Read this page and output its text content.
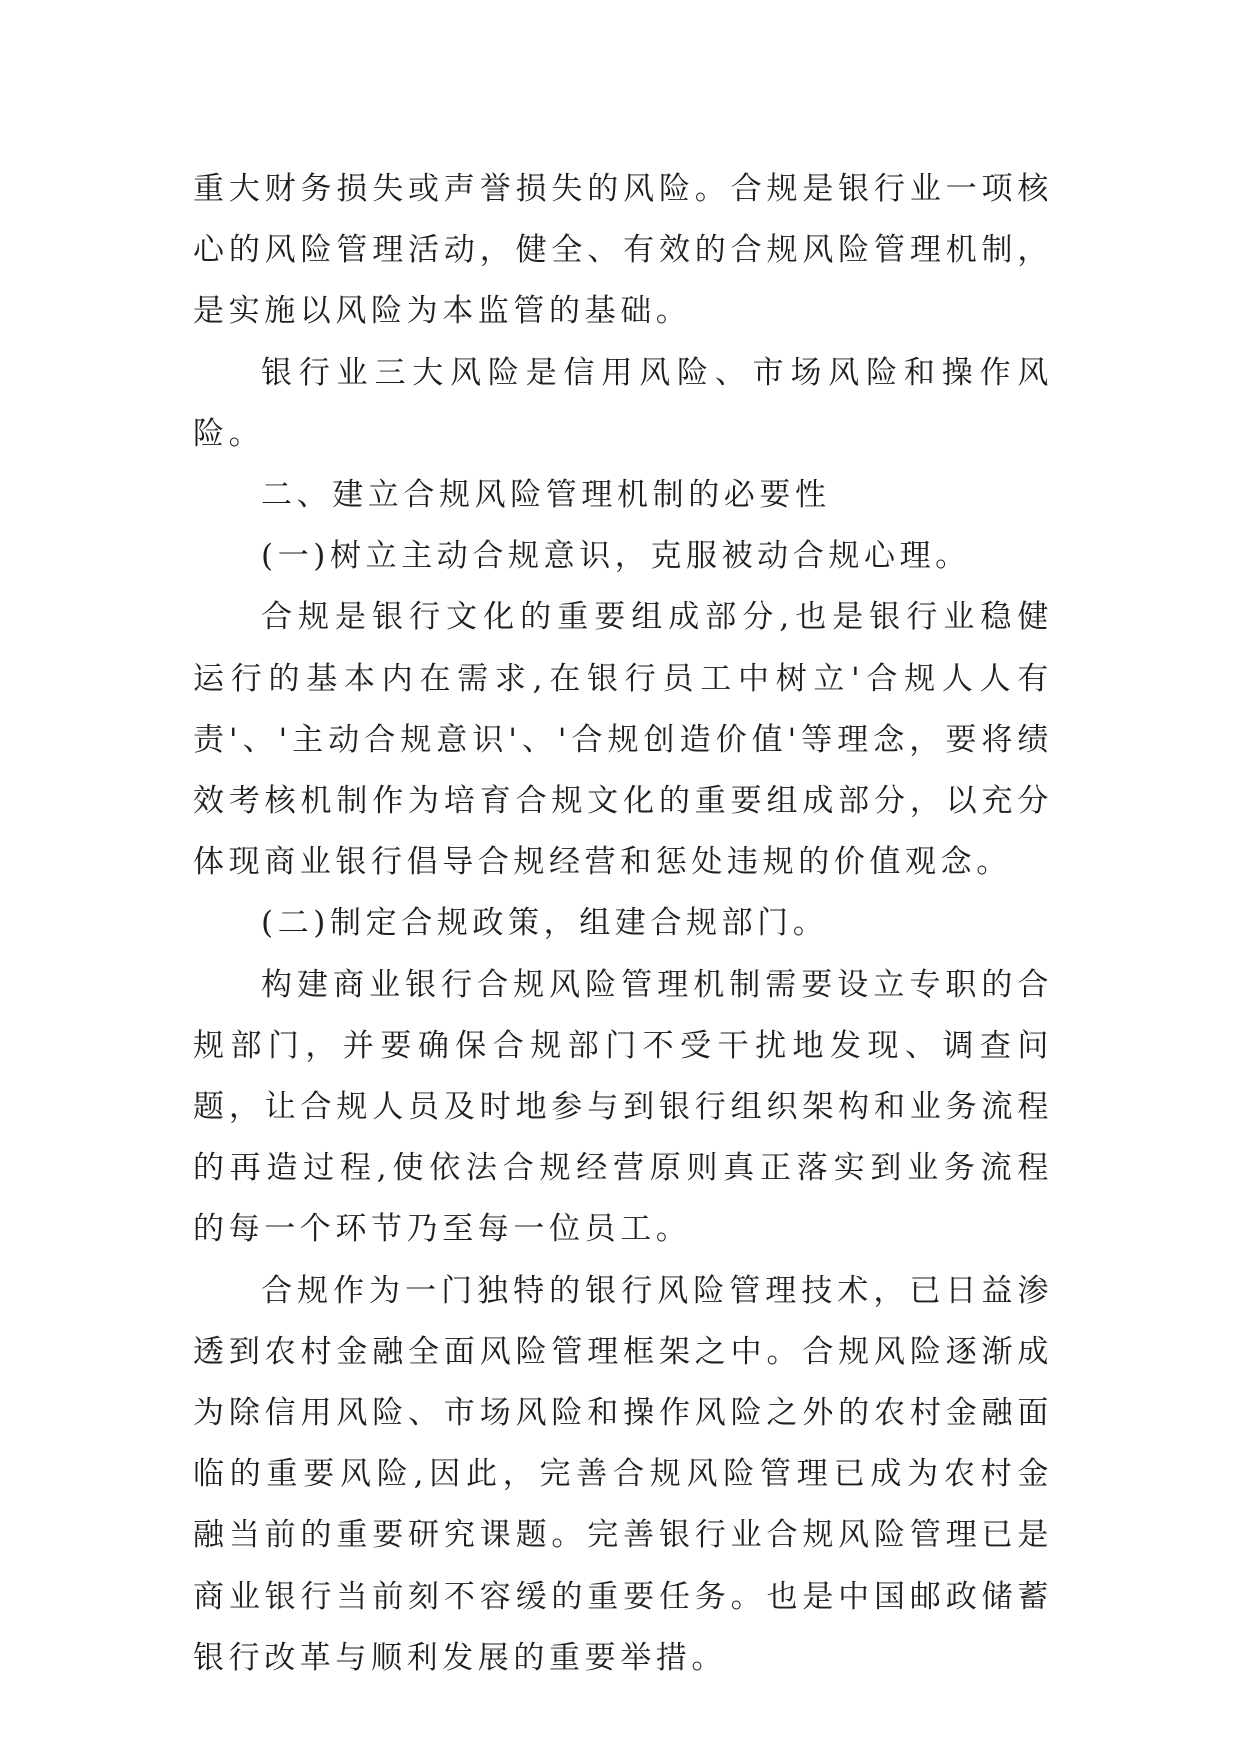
重大财务损失或声誉损失的风险。合规是银行业一项核心的风险管理活动，健全、有效的合规风险管理机制，是实施以风险为本监管的基础。

银行业三大风险是信用风险、市场风险和操作风险。

二、建立合规风险管理机制的必要性

(一)树立主动合规意识，克服被动合规心理。

合规是银行文化的重要组成部分,也是银行业稳健运行的基本内在需求,在银行员工中树立'合规人人有责'、'主动合规意识'、'合规创造价值'等理念，要将绩效考核机制作为培育合规文化的重要组成部分，以充分体现商业银行倡导合规经营和惩处违规的价值观念。

(二)制定合规政策，组建合规部门。

构建商业银行合规风险管理机制需要设立专职的合规部门，并要确保合规部门不受干扰地发现、调查问题，让合规人员及时地参与到银行组织架构和业务流程的再造过程,使依法合规经营原则真正落实到业务流程的每一个环节乃至每一位员工。

合规作为一门独特的银行风险管理技术，已日益渗透到农村金融全面风险管理框架之中。合规风险逐渐成为除信用风险、市场风险和操作风险之外的农村金融面临的重要风险,因此，完善合规风险管理已成为农村金融当前的重要研究课题。完善银行业合规风险管理已是商业银行当前刻不容缓的重要任务。也是中国邮政储蓄银行改革与顺利发展的重要举措。
